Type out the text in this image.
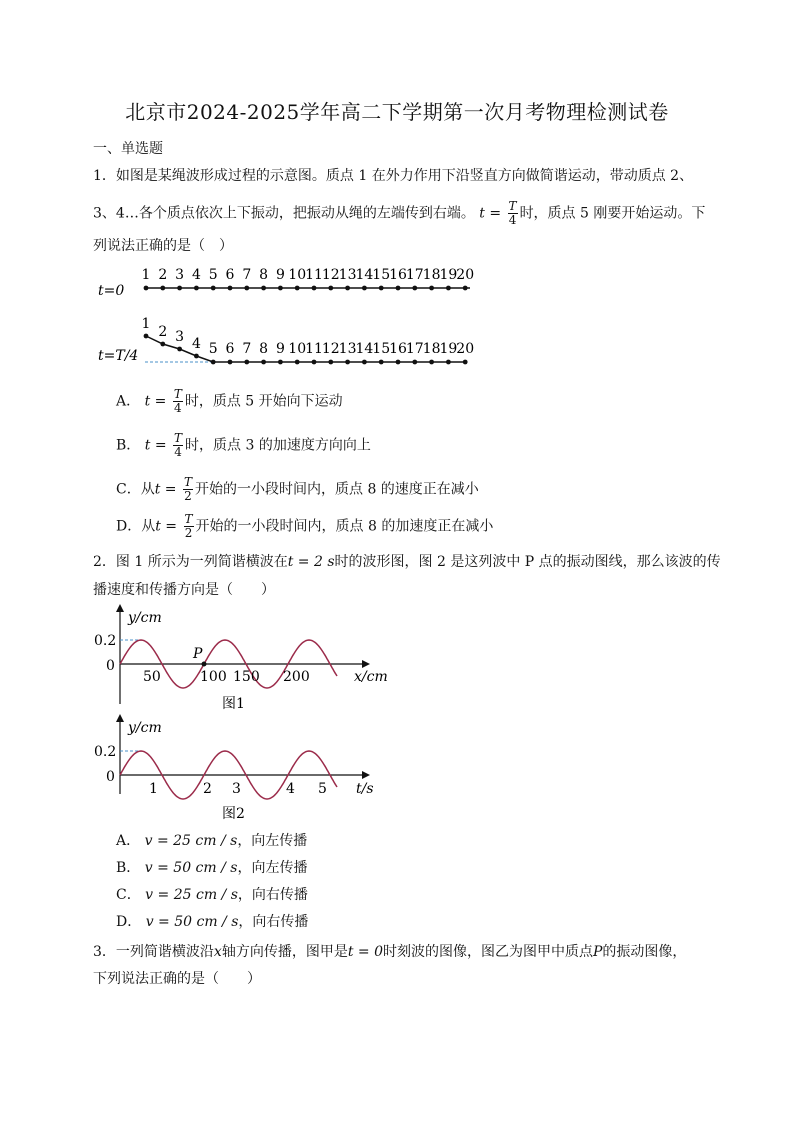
北京市2024-2025学年高二下学期第一次月考物理检测试卷
一、单选题
1．如图是某绳波形成过程的示意图。质点 1 在外力作用下沿竖直方向做简谐运动，带动质点 2、
3、4…各个质点依次上下振动，把振动从绳的左端传到右端。 $t = \frac{T}{4}$ 时，质点 5 刚要开始运动。下
列说法正确的是（　）
t=0
t=T/4
1
1
2
2
3
3
4
4
5
5
6
6
7
7
8
8
9
9
10
10
11
11
12
12
13
13
14
14
15
15
16
16
17
17
18
18
19
19
20
20
A． $t = \frac{T}{4}$ 时，质点 5 开始向下运动
B． $t = \frac{T}{4}$ 时，质点 3 的加速度方向向上
C．从$t = \frac{T}{2}$ 开始的一小段时间内，质点 8 的速度正在减小
D．从$t = \frac{T}{2}$ 开始的一小段时间内，质点 8 的加速度正在减小
2．图 1 所示为一列简谐横波在t = 2 s时的波形图，图 2 是这列波中 P 点的振动图线，那么该波的传
播速度和传播方向是（　　）
y/cm
0.2
0
P
50	100 150 200	x/cm
图1
y/cm
0.2
0
1	2 3	4 5 t/s
图2
A． v = 25 cm / s，向左传播
B． v = 50 cm / s，向左传播
C． v = 25 cm / s，向右传播
D． v = 50 cm / s，向右传播
3．一列简谐横波沿x轴方向传播，图甲是t = 0时刻波的图像，图乙为图甲中质点P的振动图像，
下列说法正确的是（　　）
